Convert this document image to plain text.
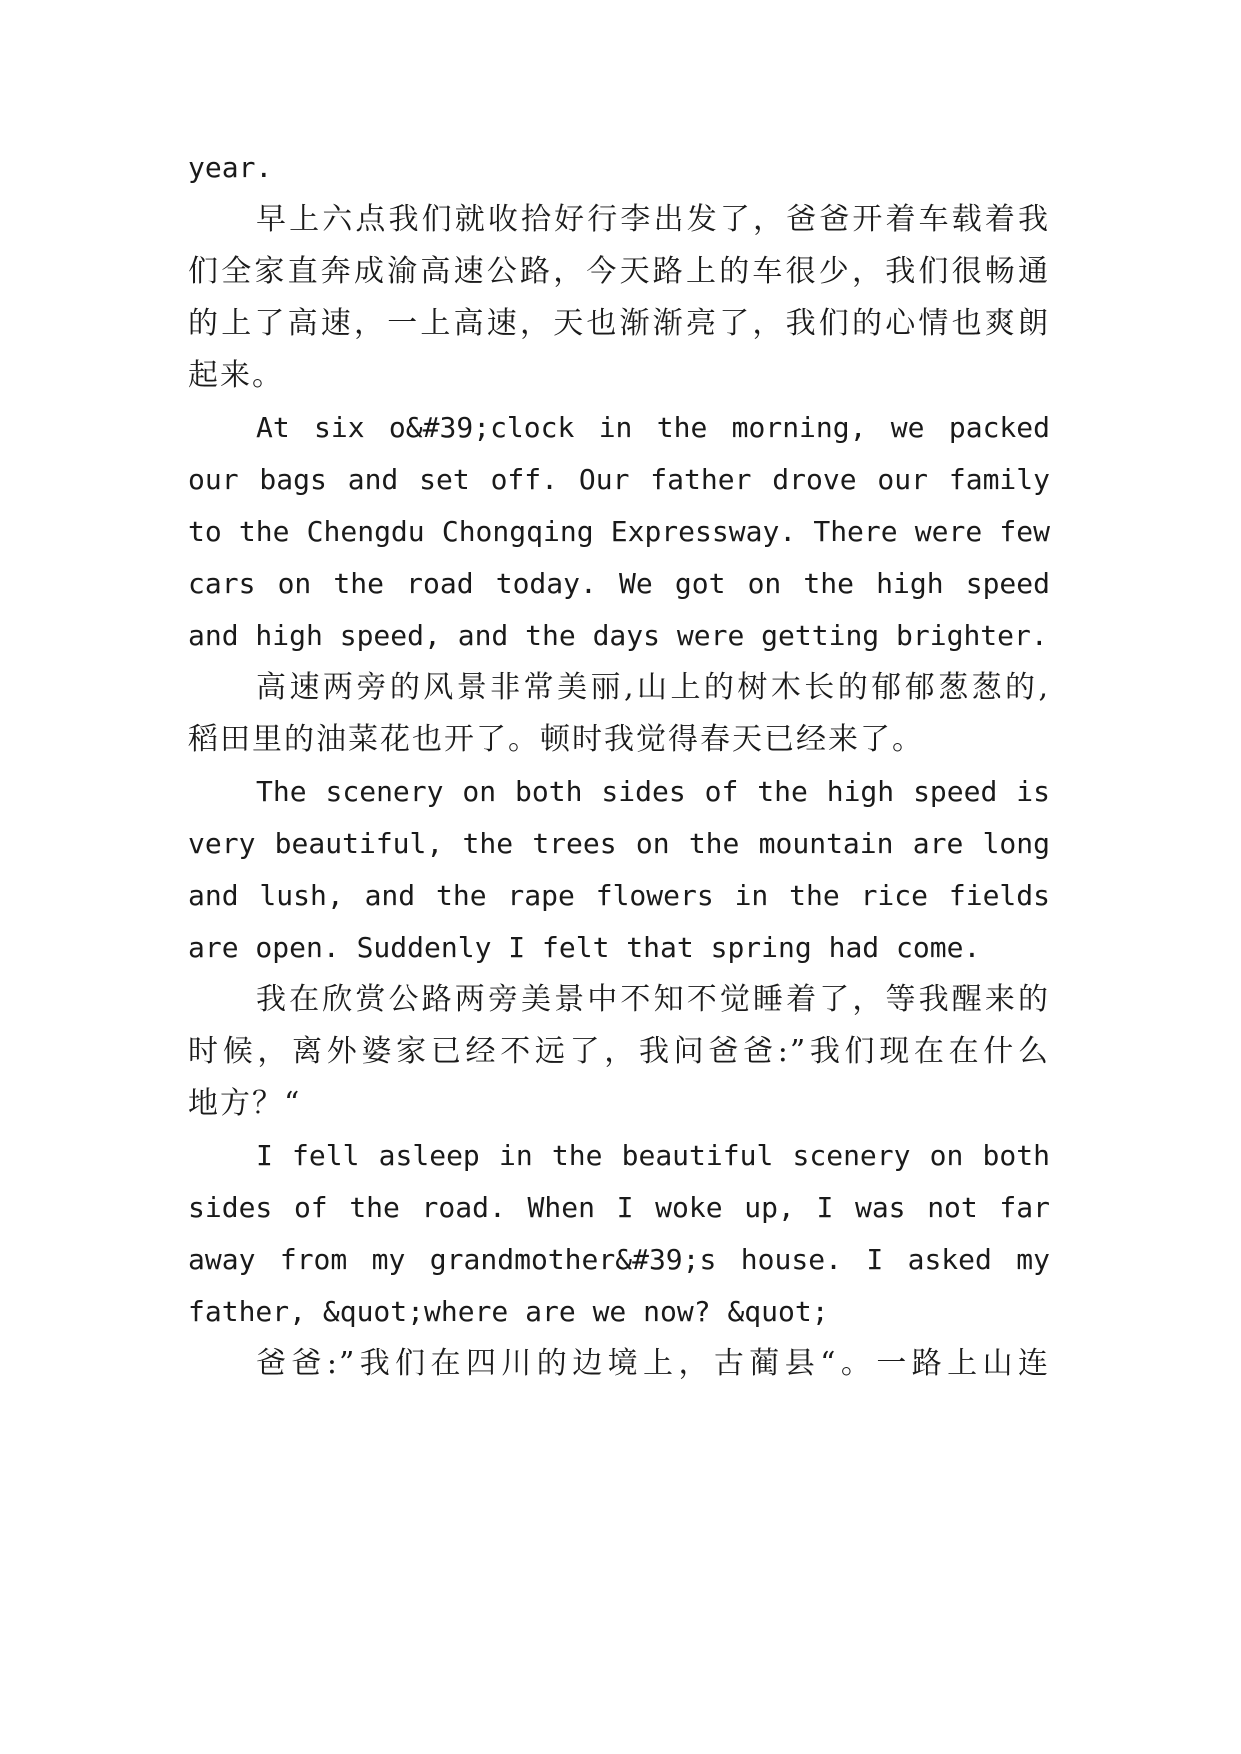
year.
早上六点我们就收拾好行李出发了，爸爸开着车载着我
们全家直奔成渝高速公路，今天路上的车很少，我们很畅通
的上了高速，一上高速，天也渐渐亮了，我们的心情也爽朗
起来。
At six o&#39;clock in the morning, we packed
our bags and set off. Our father drove our family
to the Chengdu Chongqing Expressway. There were few
cars on the road today. We got on the high speed
and high speed, and the days were getting brighter.
高速两旁的风景非常美丽,山上的树木长的郁郁葱葱的,
稻田里的油菜花也开了。顿时我觉得春天已经来了。
The scenery on both sides of the high speed is
very beautiful, the trees on the mountain are long
and lush, and the rape flowers in the rice fields
are open. Suddenly I felt that spring had come.
我在欣赏公路两旁美景中不知不觉睡着了，等我醒来的
时候，离外婆家已经不远了，我问爸爸:”我们现在在什么
地方？“
I fell asleep in the beautiful scenery on both
sides of the road. When I woke up, I was not far
away from my grandmother&#39;s house. I asked my
father, &quot;where are we now? &quot;
爸爸:”我们在四川的边境上，古蔺县“。一路上山连
